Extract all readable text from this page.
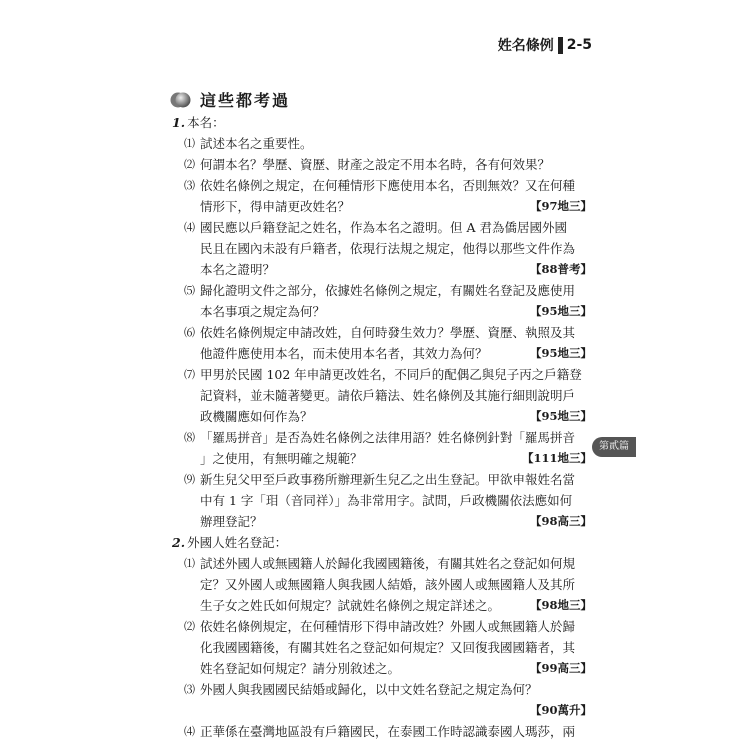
姓名條例 2-5
這些都考過
1. 本名：
⑴ 試述本名之重要性。
⑵ 何謂本名？學歷、資歷、財產之設定不用本名時，各有何效果？
⑶ 依姓名條例之規定，在何種情形下應使用本名，否則無效？又在何種
情形下，得申請更改姓名？	【97地三】
⑷ 國民應以戶籍登記之姓名，作為本名之證明。但 A 君為僑居國外國
民且在國內未設有戶籍者，依現行法規之規定，他得以那些文件作為
本名之證明？	【88普考】
⑸ 歸化證明文件之部分，依據姓名條例之規定，有關姓名登記及應使用
本名事項之規定為何？	【95地三】
⑹ 依姓名條例規定申請改姓，自何時發生效力？學歷、資歷、執照及其
他證件應使用本名，而未使用本名者，其效力為何？	【95地三】
⑺ 甲男於民國 102 年申請更改姓名，不同戶的配偶乙與兒子丙之戶籍登
記資料，並未隨著變更。請依戶籍法、姓名條例及其施行細則說明戶
政機關應如何作為？	【95地三】
⑻ 「羅馬拼音」是否為姓名條例之法律用語？姓名條例針對「羅馬拼音
」之使用，有無明確之規範？	【111地三】
⑼ 新生兒父甲至戶政事務所辦理新生兒乙之出生登記。甲欲申報姓名當
中有 1 字「㺺（音同祥）」為非常用字。試問，戶政機關依法應如何
辦理登記？	【98高三】
2. 外國人姓名登記：
⑴ 試述外國人或無國籍人於歸化我國國籍後，有關其姓名之登記如何規
定？又外國人或無國籍人與我國人結婚，該外國人或無國籍人及其所
生子女之姓氏如何規定？試就姓名條例之規定詳述之。	【98地三】
⑵ 依姓名條例規定，在何種情形下得申請改姓？外國人或無國籍人於歸
化我國國籍後，有關其姓名之登記如何規定？又回復我國國籍者，其
姓名登記如何規定？請分別敘述之。	【99高三】
⑶ 外國人與我國國民結婚或歸化，以中文姓名登記之規定為何？
【90萬升】
⑷ 正華係在臺灣地區設有戶籍國民，在泰國工作時認識泰國人瑪莎，兩
第貳篇
